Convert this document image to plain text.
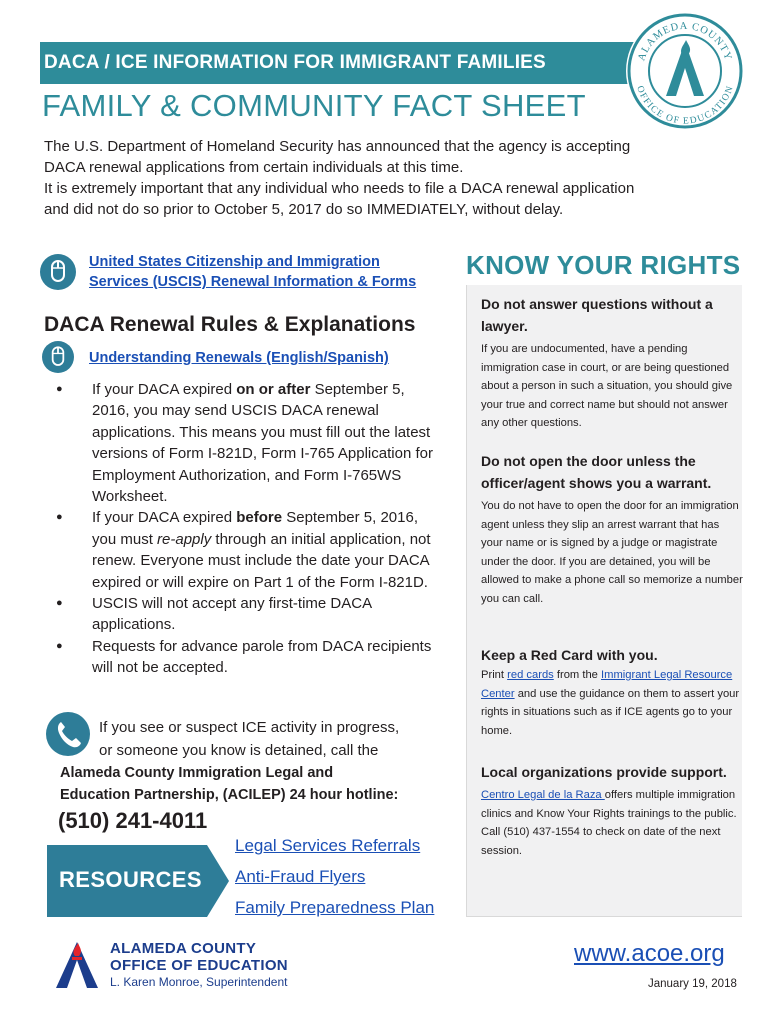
DACA / ICE INFORMATION FOR IMMIGRANT FAMILIES	ALAMEDA COUNTY
OFFICE OF EDUCATION
FAMILY & COMMUNITY FACT SHEET
The U.S. Department of Homeland Security has announced that the agency is accepting
DACA renewal applications from certain individuals at this time.
It is extremely important that any individual who needs to file a DACA renewal application
and did not do so prior to October 5, 2017 do so IMMEDIATELY, without delay.
United States Citizenship and Immigration
Services (USCIS) Renewal Information & Forms
DACA Renewal Rules & Explanations
Understanding Renewals (English/Spanish)
● If your DACA expired on or after September 5, 2016, you may send USCIS DACA renewal applications. This means you must fill out the latest versions of Form I-821D, Form I-765 Application for Employment Authorization, and Form I-765WS Worksheet.
● If your DACA expired before September 5, 2016, you must re-apply through an initial application, not renew. Everyone must include the date your DACA expired or will expire on Part 1 of the Form I-821D.
● USCIS will not accept any first-time DACA applications.
● Requests for advance parole from DACA recipients will not be accepted.
If you see or suspect ICE activity in progress,
or someone you know is detained, call the
Alameda County Immigration Legal and
Education Partnership, (ACILEP) 24 hour hotline:
(510) 241-4011
RESOURCES
Legal Services Referrals
Anti-Fraud Flyers
Family Preparedness Plan
KNOW YOUR RIGHTS
Do not answer questions without a lawyer.
If you are undocumented, have a pending immigration case in court, or are being questioned about a person in such a situation, you should give your true and correct name but should not answer any other questions.
Do not open the door unless the officer/agent shows you a warrant.
You do not have to open the door for an immigration agent unless they slip an arrest warrant that has your name or is signed by a judge or magistrate under the door. If you are detained, you will be allowed to make a phone call so memorize a number you can call.
Keep a Red Card with you.
Print red cards from the Immigrant Legal Resource Center and use the guidance on them to assert your rights in situations such as if ICE agents go to your home.
Local organizations provide support.
Centro Legal de la Raza offers multiple immigration clinics and Know Your Rights trainings to the public. Call (510) 437-1554 to check on date of the next session.
ALAMEDA COUNTY
OFFICE OF EDUCATION
L. Karen Monroe, Superintendent
www.acoe.org
January 19, 2018
